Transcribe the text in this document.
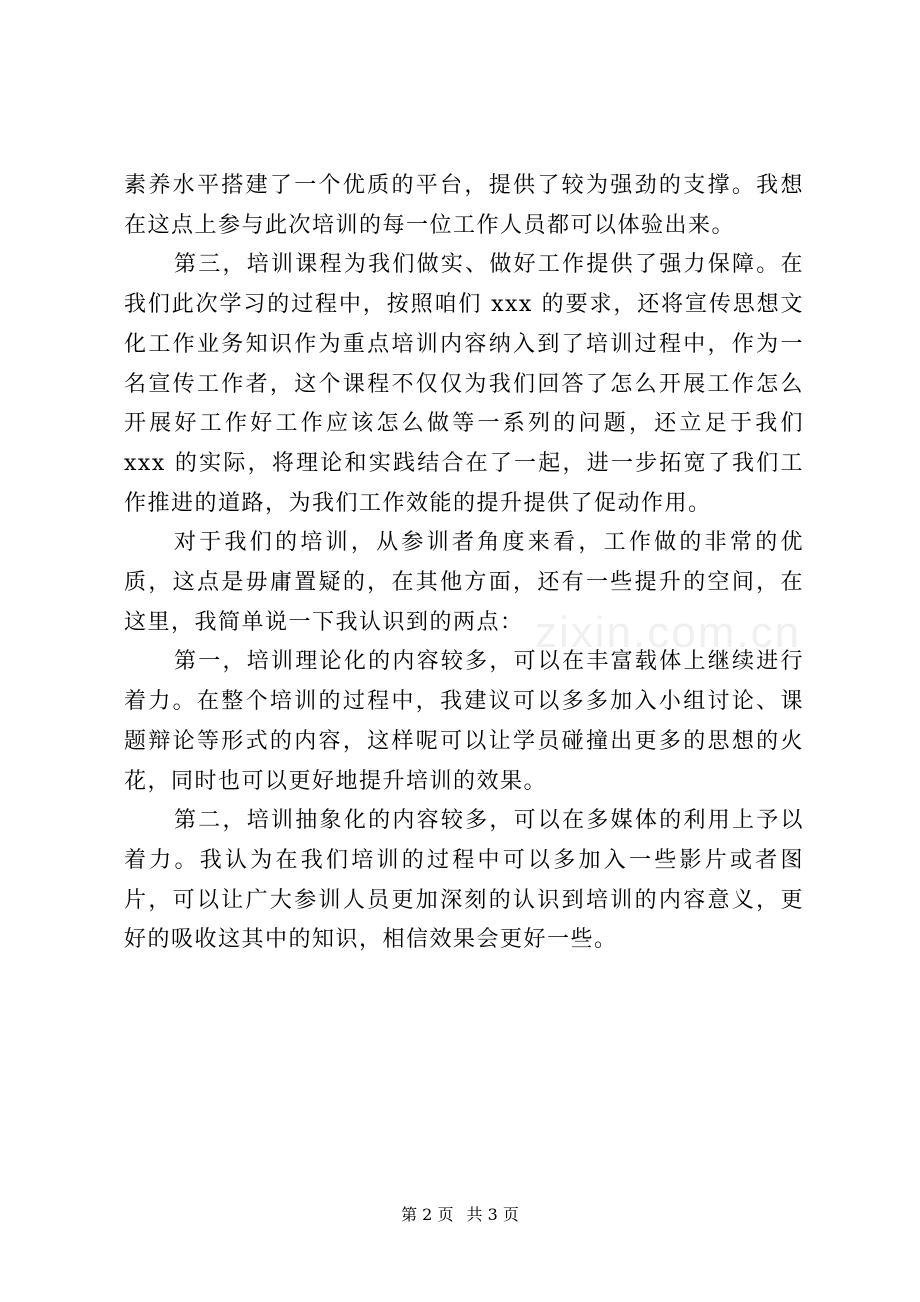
素养水平搭建了一个优质的平台，提供了较为强劲的支撑。我想在这点上参与此次培训的每一位工作人员都可以体验出来。

第三，培训课程为我们做实、做好工作提供了强力保障。在我们此次学习的过程中，按照咱们 xxx 的要求，还将宣传思想文化工作业务知识作为重点培训内容纳入到了培训过程中，作为一名宣传工作者，这个课程不仅仅为我们回答了怎么开展工作怎么开展好工作好工作应该怎么做等一系列的问题，还立足于我们 xxx 的实际，将理论和实践结合在了一起，进一步拓宽了我们工作推进的道路，为我们工作效能的提升提供了促动作用。

对于我们的培训，从参训者角度来看，工作做的非常的优质，这点是毋庸置疑的，在其他方面，还有一些提升的空间，在这里，我简单说一下我认识到的两点：

第一，培训理论化的内容较多，可以在丰富载体上继续进行着力。在整个培训的过程中，我建议可以多多加入小组讨论、课题辩论等形式的内容，这样呢可以让学员碰撞出更多的思想的火花，同时也可以更好地提升培训的效果。

第二，培训抽象化的内容较多，可以在多媒体的利用上予以着力。我认为在我们培训的过程中可以多加入一些影片或者图片，可以让广大参训人员更加深刻的认识到培训的内容意义，更好的吸收这其中的知识，相信效果会更好一些。

zixin.com.cn
第 2 页 共 3 页
